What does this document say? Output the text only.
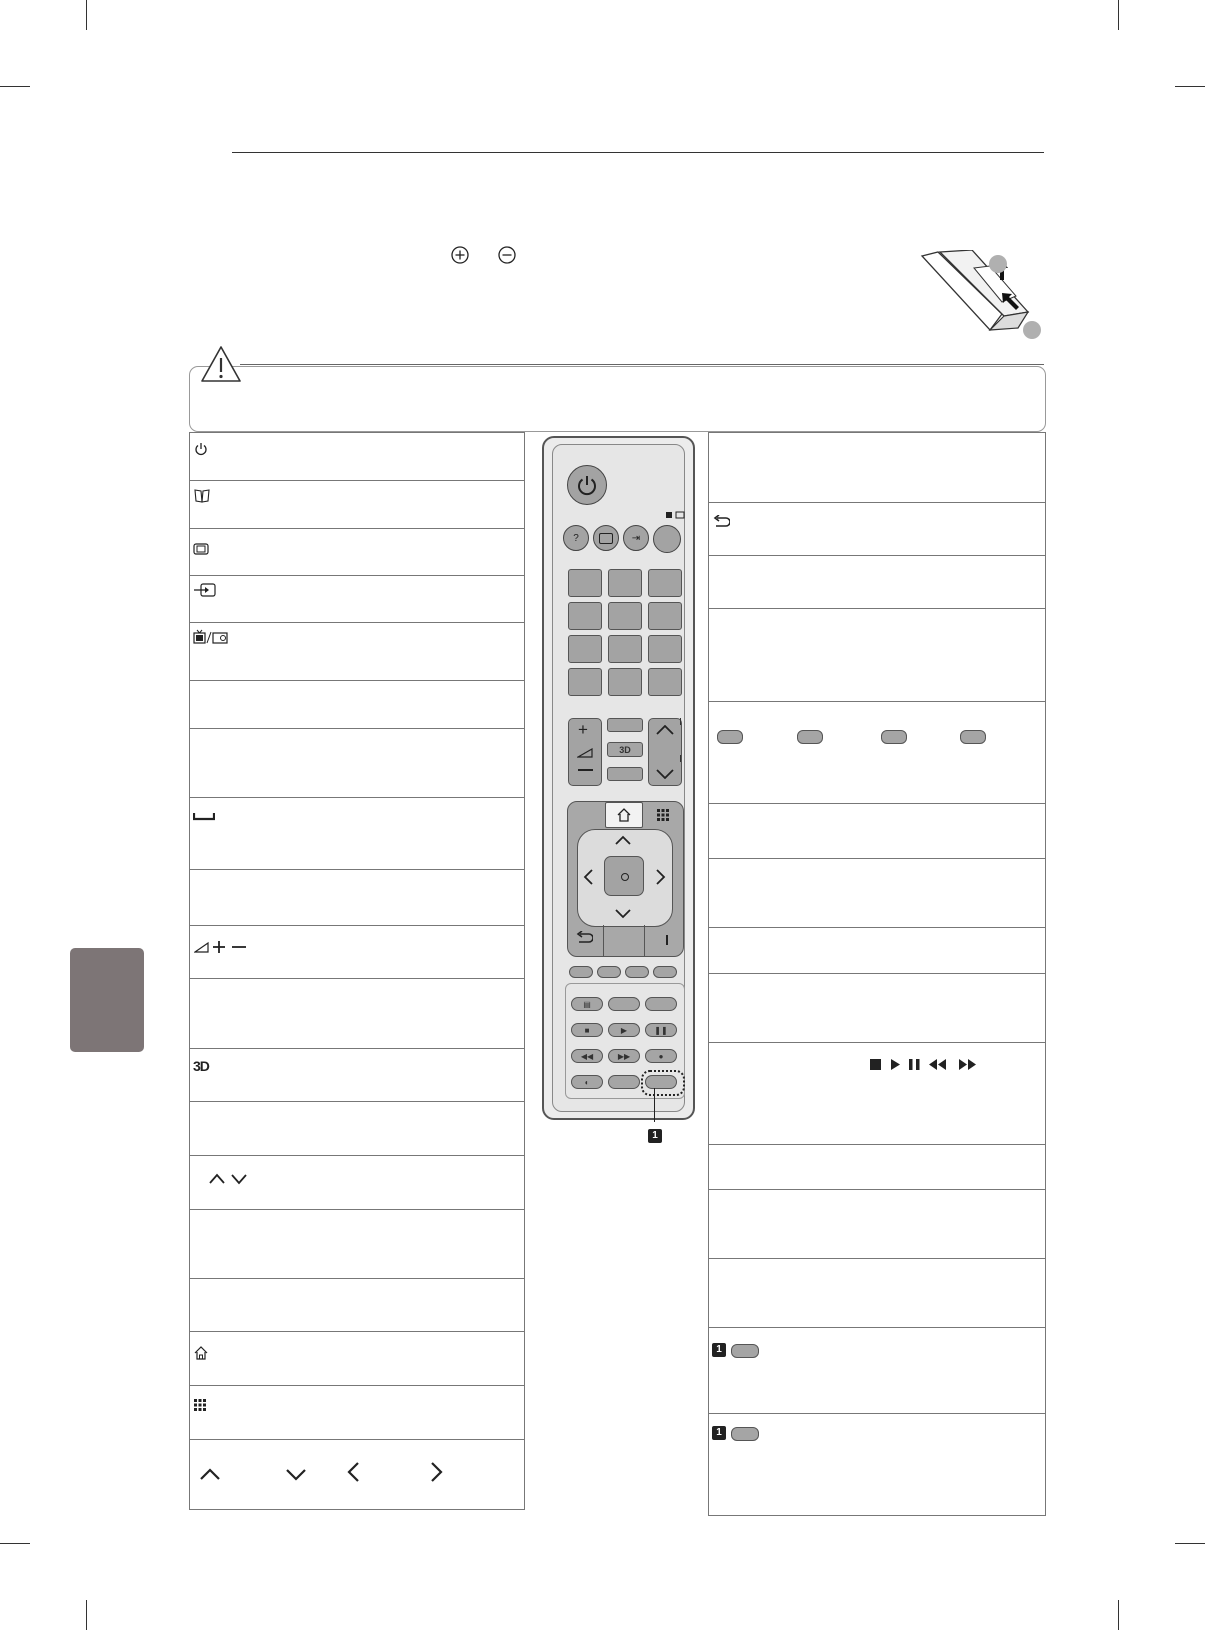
3D
?	⇥
+
3D
▤
■	▶	❚❚
◀◀	▶▶	●
◐
1
1
1
